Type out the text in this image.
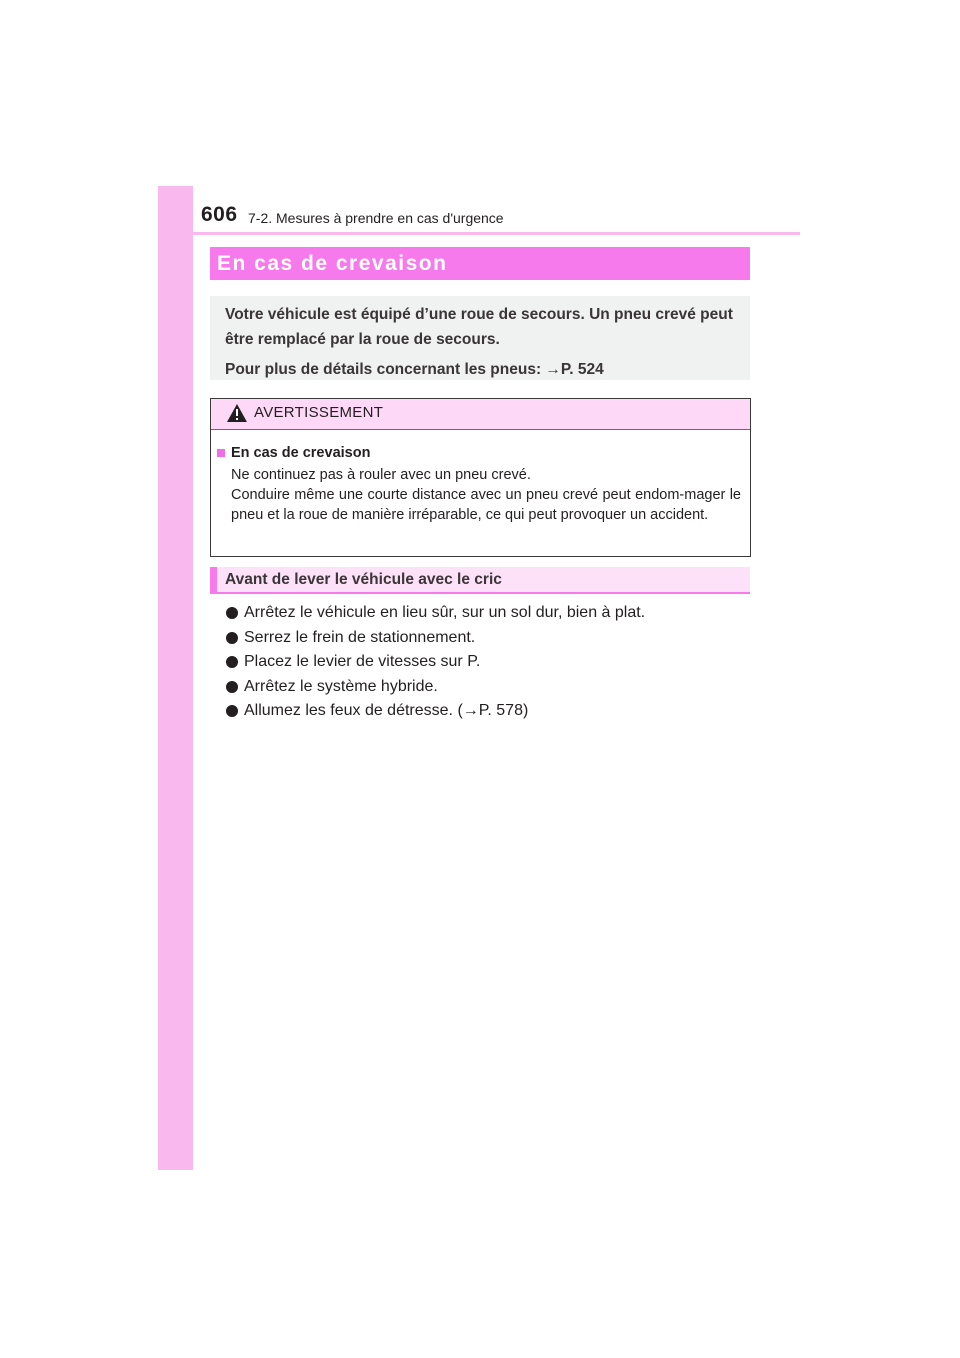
606 7-2. Mesures à prendre en cas d'urgence
En cas de crevaison

Votre véhicule est équipé d’une roue de secours. Un pneu crevé peut être remplacé par la roue de secours.

Pour plus de détails concernant les pneus: →P. 524

AVERTISSEMENT
En cas de crevaison

Ne continuez pas à rouler avec un pneu crevé.

Conduire même une courte distance avec un pneu crevé peut endom-mager le pneu et la roue de manière irréparable, ce qui peut provoquer un accident.

Avant de lever le véhicule avec le cric
Arrêtez le véhicule en lieu sûr, sur un sol dur, bien à plat.
Serrez le frein de stationnement.
Placez le levier de vitesses sur P.
Arrêtez le système hybride.
Allumez les feux de détresse. (→P. 578)
